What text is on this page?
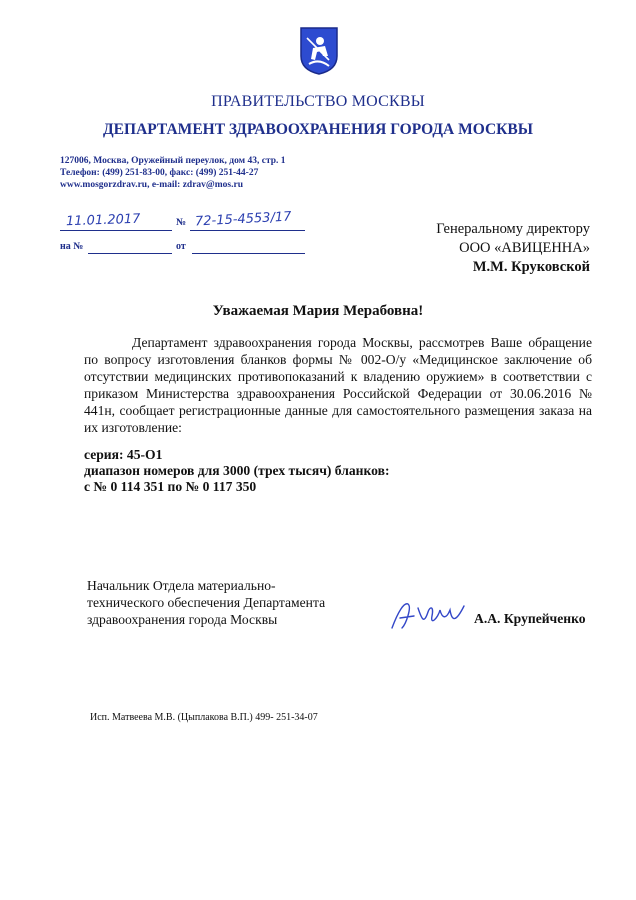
ПРАВИТЕЛЬСТВО МОСКВЫ
ДЕПАРТАМЕНТ ЗДРАВООХРАНЕНИЯ ГОРОДА МОСКВЫ
127006, Москва, Оружейный переулок, дом 43, стр. 1
Телефон: (499) 251-83-00, факс: (499) 251-44-27
www.mosgorzdrav.ru, e-mail: zdrav@mos.ru
11.01.2017	№ 72-15-4553/17
на №	от
Генеральному директору
ООО «АВИЦЕННА»
М.М. Круковской
Уважаемая Мария Мерабовна!
Департамент здравоохранения города Москвы, рассмотрев Ваше обращение по вопросу изготовления бланков формы № 002-О/у «Медицинское заключение об отсутствии медицинских противопоказаний к владению оружием» в соответствии с приказом Министерства здравоохранения Российской Федерации от 30.06.2016 № 441н, сообщает регистрационные данные для самостоятельного размещения заказа на их изготовление:
серия: 45-О1
диапазон номеров для 3000 (трех тысяч) бланков:
с № 0 114 351 по № 0 117 350
Начальник Отдела материально-
технического обеспечения Департамента
здравоохранения города Москвы	А.А. Крупейченко
Исп. Матвеева М.В. (Цыплакова В.П.) 499- 251-34-07
